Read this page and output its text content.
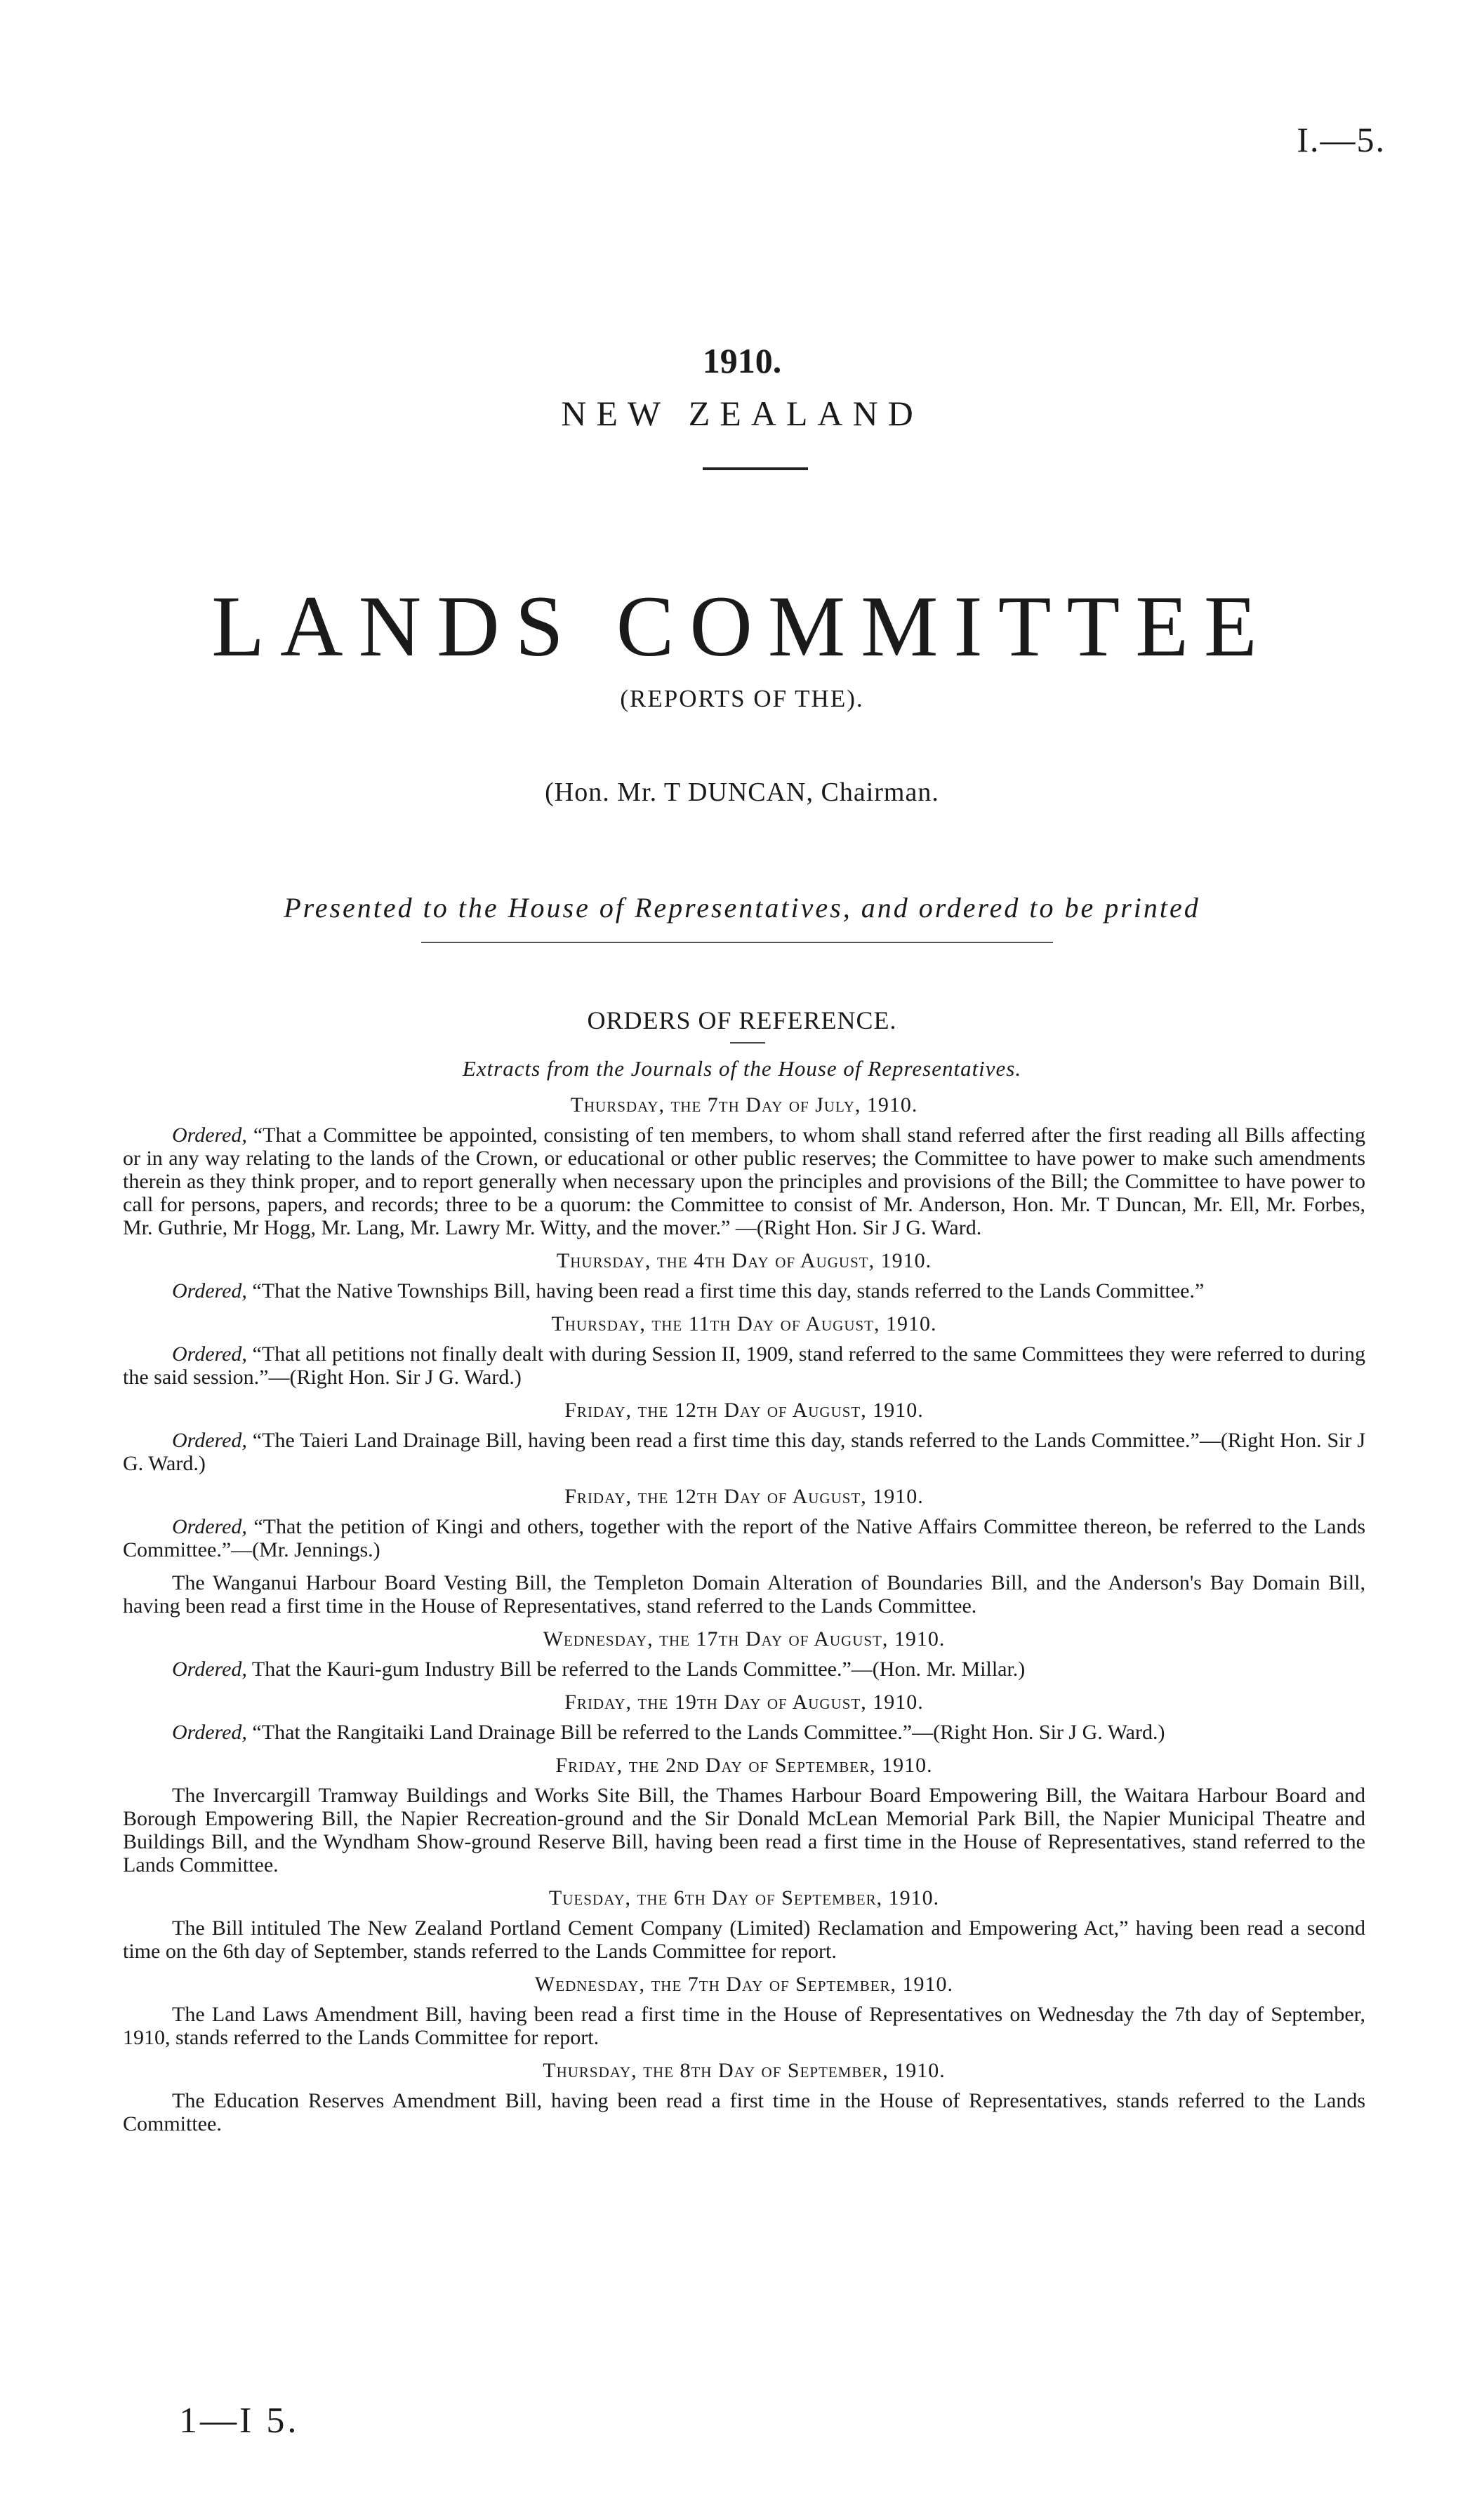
I.—5.
1910.
NEW ZEALAND
LANDS COMMITTEE
(REPORTS OF THE).
(Hon. Mr. T DUNCAN, Chairman.
Presented to the House of Representatives, and ordered to be printed
ORDERS OF REFERENCE.
Extracts from the Journals of the House of Representatives.
Thursday, the 7th Day of July, 1910.

Ordered, “That a Committee be appointed, consisting of ten members, to whom shall stand referred after the first reading all Bills affecting or in any way relating to the lands of the Crown, or educational or other public reserves; the Committee to have power to make such amendments therein as they think proper, and to report generally when necessary upon the principles and provisions of the Bill; the Committee to have power to call for persons, papers, and records; three to be a quorum: the Committee to consist of Mr. Anderson, Hon. Mr. T Duncan, Mr. Ell, Mr. Forbes, Mr. Guthrie, Mr Hogg, Mr. Lang, Mr. Lawry Mr. Witty, and the mover.” —(Right Hon. Sir J G. Ward.

Thursday, the 4th Day of August, 1910.

Ordered, “That the Native Townships Bill, having been read a first time this day, stands referred to the Lands Committee.”

Thursday, the 11th Day of August, 1910.

Ordered, “That all petitions not finally dealt with during Session II, 1909, stand referred to the same Committees they were referred to during the said session.”—(Right Hon. Sir J G. Ward.)

Friday, the 12th Day of August, 1910.

Ordered, “The Taieri Land Drainage Bill, having been read a first time this day, stands referred to the Lands Committee.”—(Right Hon. Sir J G. Ward.)

Friday, the 12th Day of August, 1910.

Ordered, “That the petition of Kingi and others, together with the report of the Native Affairs Committee thereon, be referred to the Lands Committee.”—(Mr. Jennings.)

The Wanganui Harbour Board Vesting Bill, the Templeton Domain Alteration of Boundaries Bill, and the Anderson's Bay Domain Bill, having been read a first time in the House of Representatives, stand referred to the Lands Committee.

Wednesday, the 17th Day of August, 1910.

Ordered, That the Kauri-gum Industry Bill be referred to the Lands Committee.”—(Hon. Mr. Millar.)

Friday, the 19th Day of August, 1910.

Ordered, “That the Rangitaiki Land Drainage Bill be referred to the Lands Committee.”—(Right Hon. Sir J G. Ward.)

Friday, the 2nd Day of September, 1910.

The Invercargill Tramway Buildings and Works Site Bill, the Thames Harbour Board Empowering Bill, the Waitara Harbour Board and Borough Empowering Bill, the Napier Recreation-ground and the Sir Donald McLean Memorial Park Bill, the Napier Municipal Theatre and Buildings Bill, and the Wyndham Show-ground Reserve Bill, having been read a first time in the House of Representatives, stand referred to the Lands Committee.

Tuesday, the 6th Day of September, 1910.

The Bill intituled The New Zealand Portland Cement Company (Limited) Reclamation and Empowering Act,” having been read a second time on the 6th day of September, stands referred to the Lands Committee for report.

Wednesday, the 7th Day of September, 1910.

The Land Laws Amendment Bill, having been read a first time in the House of Representatives on Wednesday the 7th day of September, 1910, stands referred to the Lands Committee for report.

Thursday, the 8th Day of September, 1910.

The Education Reserves Amendment Bill, having been read a first time in the House of Representatives, stands referred to the Lands Committee.

1—I 5.
